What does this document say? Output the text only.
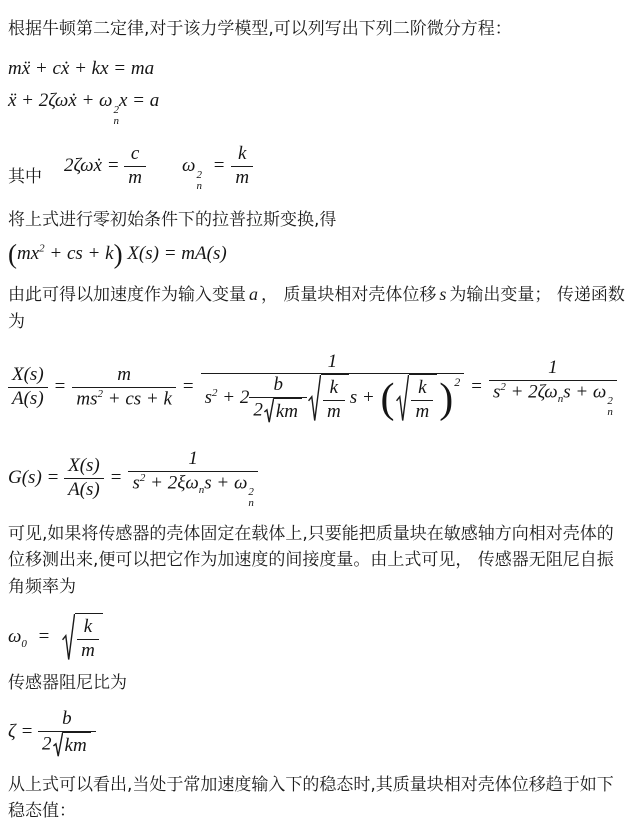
根据牛顿第二定律,对于该力学模型,可以列写出下列二阶微分方程：

mẍ + cẋ + kx = ma
ẍ + 2ζωẋ + ω 2
n
x = a
其中2ζωẋ = $\frac{c}{m}$ ω 2
n
= $\frac{k}{m}$

将上式进行零初始条件下的拉普拉斯变换,得

($mx^2$ + cs + k) X(s) = mA(s)

由此可得以加速度作为输入变量 a ， 质量块相对壳体位移 s 为输出变量； 传递函数为

$\frac{X(s)}{A(s)} = \frac{m}{ms^2 + cs + k} = \frac{1}{s^2 + 2 \frac{b}{2 km} \frac{k}{m} s + ( \frac{k}{m} )^2} = 1$
$s^2 + 2\zeta\omega_ns + \omega$ 2
n
$G(s) = \frac{X(s)}{A(s)} = 1$
$s^2 + 2\xi\omega_ns + \omega$ 2
n

可见,如果将传感器的壳体固定在载体上,只要能把质量块在敏感轴方向相对壳体的位移测出来,便可以把它作为加速度的间接度量。由上式可见， 传感器无阻尼自振角频率为

$\omega_0 = \frac{k}{m}$

传感器阻尼比为

$\zeta = \frac{b}{2 km}$

从上式可以看出,当处于常加速度输入下的稳态时,其质量块相对壳体位移趋于如下稳态值：
